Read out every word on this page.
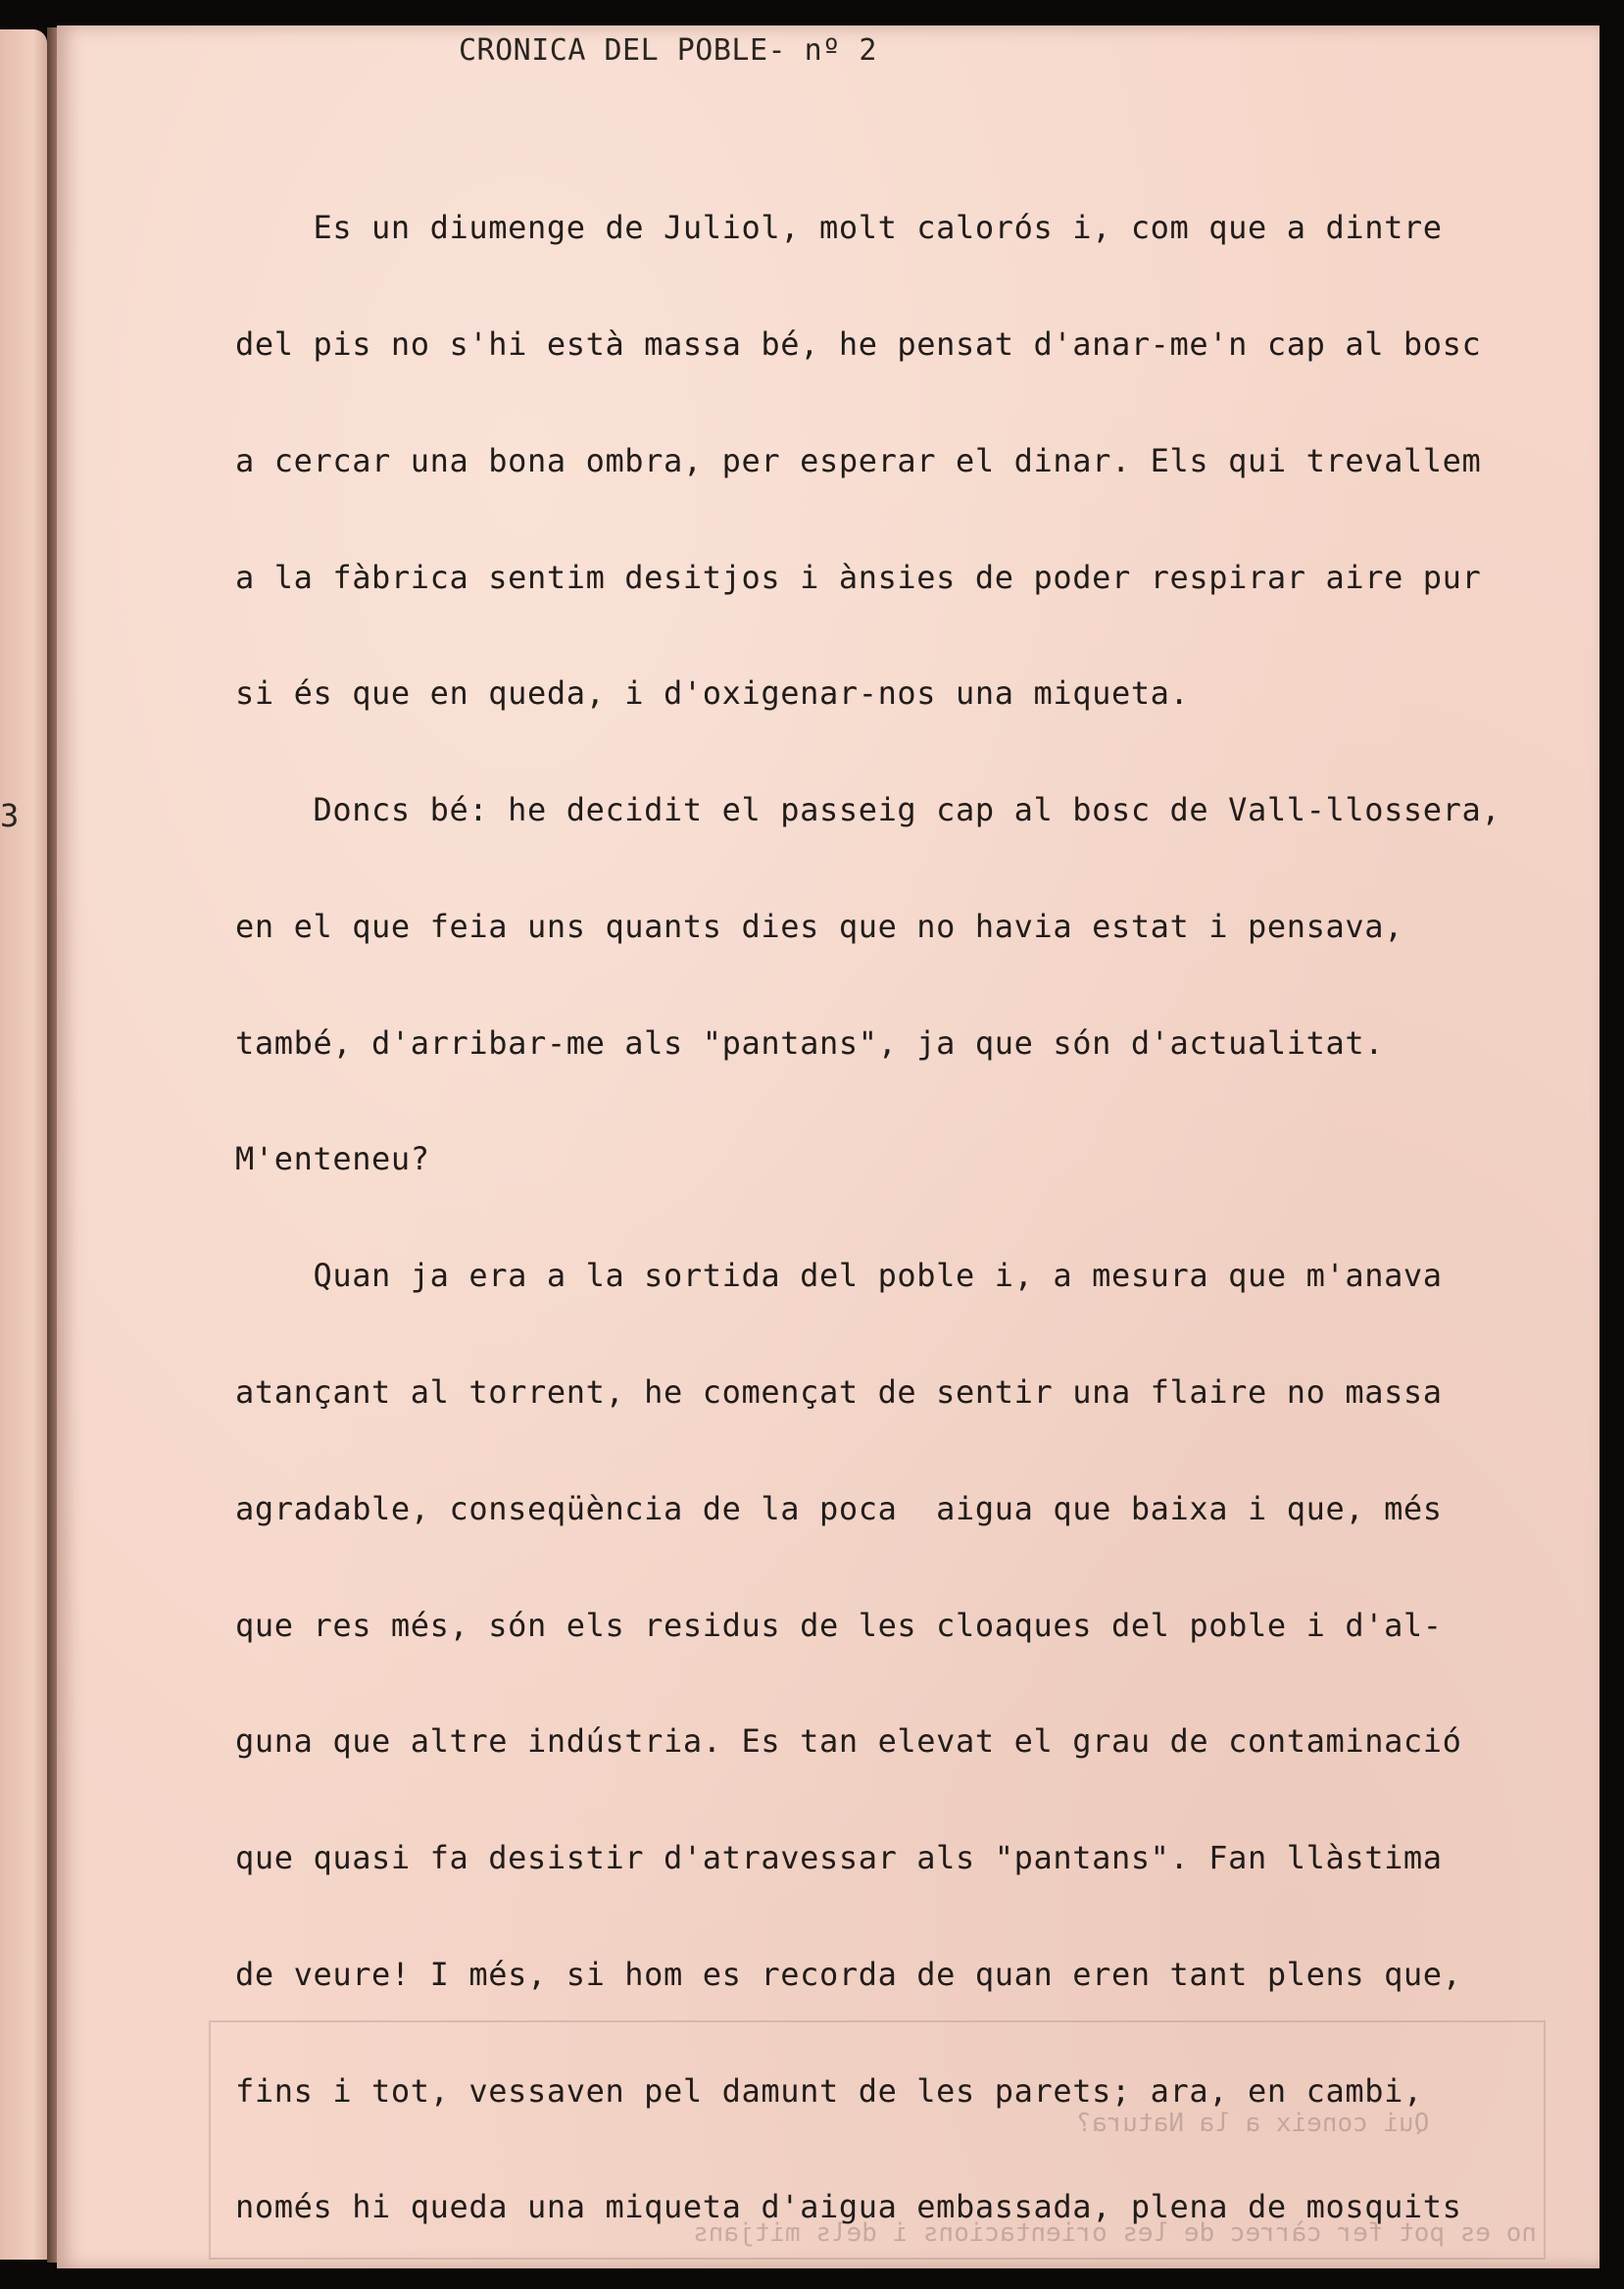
3

Qui coneix a la Natura?

no es pot fer càrrec de les orientacions i dels mitjans

CRONICA DEL POBLE- nº 2

Es un diumenge de Juliol, molt calorós i, com que a dintre

del pis no s'hi està massa bé, he pensat d'anar-me'n cap al bosc

a cercar una bona ombra, per esperar el dinar. Els qui trevallem

a la fàbrica sentim desitjos i ànsies de poder respirar aire pur

si és que en queda, i d'oxigenar-nos una miqueta.

Doncs bé: he decidit el passeig cap al bosc de Vall-llossera,

en el que feia uns quants dies que no havia estat i pensava,

també, d'arribar-me als "pantans", ja que són d'actualitat.

M'enteneu?

Quan ja era a la sortida del poble i, a mesura que m'anava

atançant al torrent, he començat de sentir una flaire no massa

agradable, conseqüència de la poca  aigua que baixa i que, més

que res més, són els residus de les cloaques del poble i d'al-

guna que altre indústria. Es tan elevat el grau de contaminació

que quasi fa desistir d'atravessar als "pantans". Fan llàstima

de veure! I més, si hom es recorda de quan eren tant plens que,

fins i tot, vessaven pel damunt de les parets; ara, en cambi,

només hi queda una miqueta d'aigua embassada, plena de mosquits
